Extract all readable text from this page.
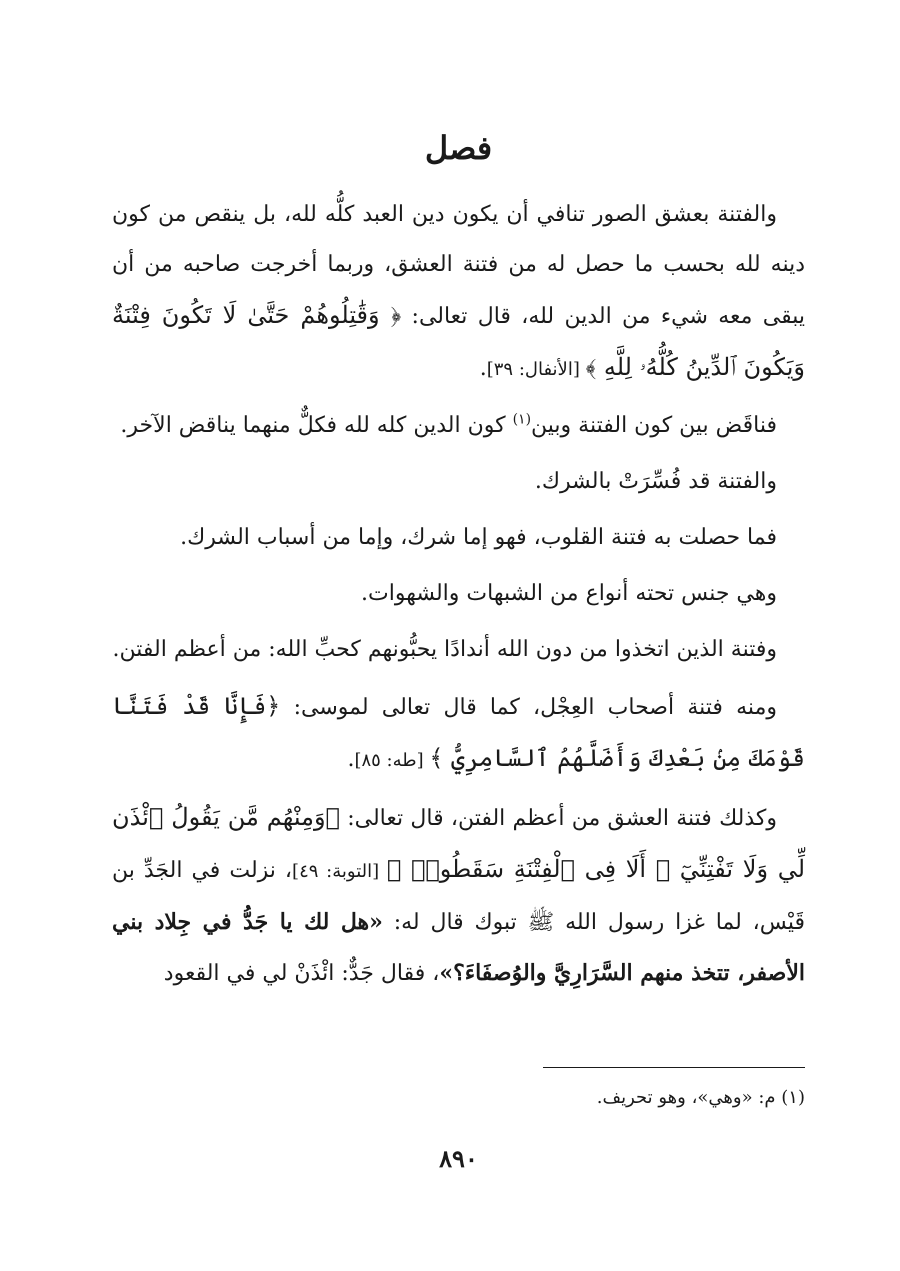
فصل

والفتنة بعشق الصور تنافي أن يكون دين العبد كلُّه لله، بل ينقص من كون دينه لله بحسب ما حصل له من فتنة العشق، وربما أخرجت صاحبه من أن يبقى معه شيء من الدين لله، قال تعالى: ﴿ وَقَٰتِلُوهُمْ حَتَّىٰ لَا تَكُونَ فِتْنَةٌ وَيَكُونَ ٱلدِّينُ كُلُّهُۥ لِلَّهِ ﴾ [الأنفال: ٣٩].

فناقَض بين كون الفتنة وبين$^{(١)}$ كون الدين كله لله فكلٌّ منهما يناقض الآخر.

والفتنة قد فُسِّرَتْ بالشرك.

فما حصلت به فتنة القلوب، فهو إما شرك، وإما من أسباب الشرك.

وهي جنس تحته أنواع من الشبهات والشهوات.

وفتنة الذين اتخذوا من دون الله أندادًا يحبُّونهم كحبِّ الله: من أعظم الفتن.

ومنه فتنة أصحاب العِجْل، كما قال تعالى لموسى: ﴿فَإِنَّا قَدْ فَتَنَّا قَوْمَكَ مِنۢ بَعْدِكَ وَأَضَلَّهُمُ ٱلسَّامِرِيُّ ﴾ [طه: ٨٥].

وكذلك فتنة العشق من أعظم الفتن، قال تعالى: ﴿وَمِنْهُم مَّن يَقُولُ ٱئْذَن لِّي وَلَا تَفْتِنِّيٓ ۚ أَلَا فِى ٱلْفِتْنَةِ سَقَطُوا۟ ﴾ [التوبة: ٤٩]، نزلت في الجَدِّ بن قَيْس، لما غزا رسول الله ﷺ تبوك قال له: «هل لك يا جَدُّ في جِلاد بني الأصفر، تتخذ منهم السَّرَارِيَّ والوُصفَاءَ؟»، فقال جَدٌّ: ائْذَنْ لي في القعود

(١) م: «وهي»، وهو تحريف.
٨٩٠
